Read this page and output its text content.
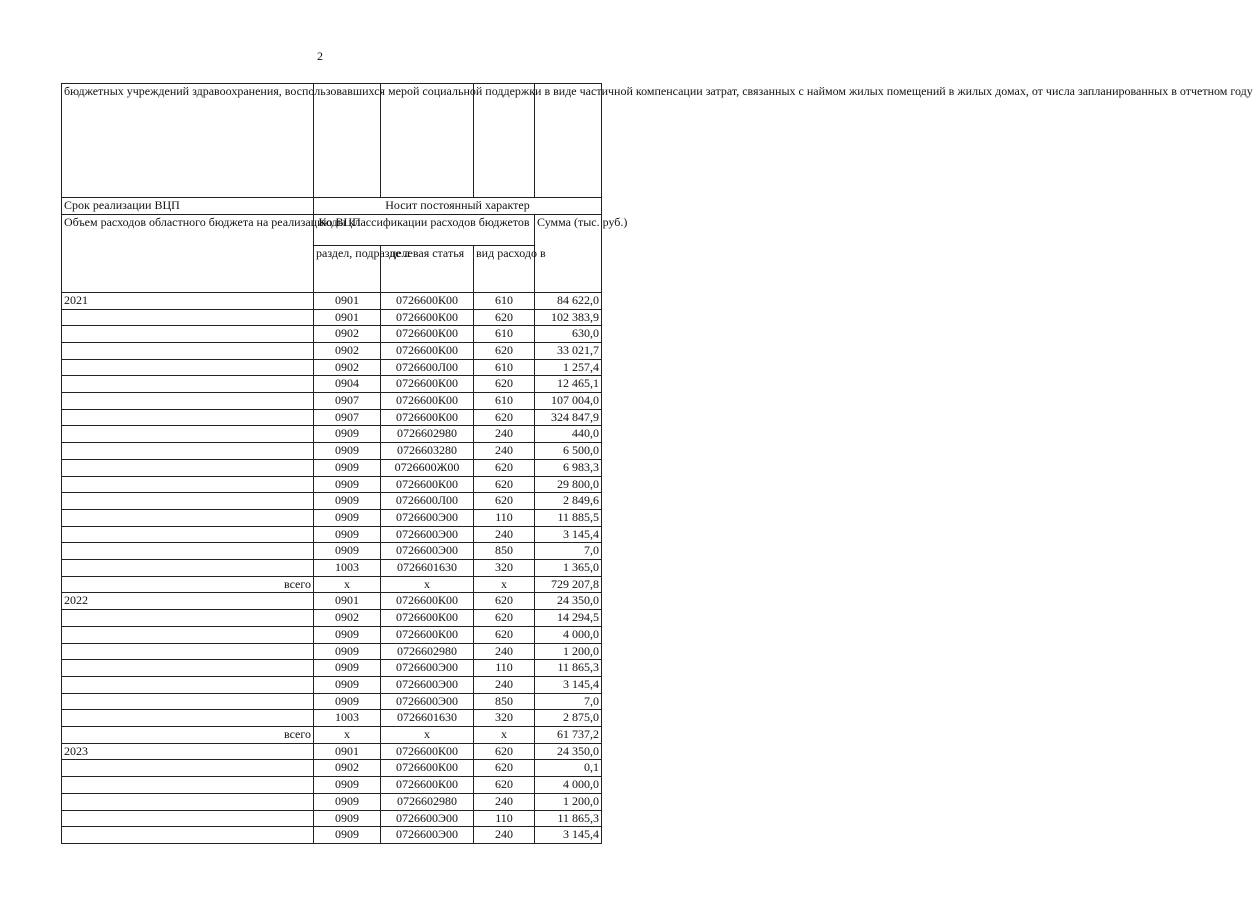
2
бюджетных учреждений здравоохранения, воспользовавшихся мерой социальной поддержки в виде частичной компенсации затрат, связанных с наймом жилых помещений в жилых домах, от числа запланированных в отчетном году				
Срок реализации ВЦП	Носит постоянный характер			
Объем расходов областного бюджета на реализацию ВЦП	Коды классификации расходов бюджетов			Сумма (тыс. руб.)
	раздел, подразде л	целевая статья	вид расходо в	
2021	0901	0726600К00	610	84 622,0
	0901	0726600К00	620	102 383,9
	0902	0726600К00	610	630,0
	0902	0726600К00	620	33 021,7
	0902	0726600Л00	610	1 257,4
	0904	0726600К00	620	12 465,1
	0907	0726600К00	610	107 004,0
	0907	0726600К00	620	324 847,9
	0909	0726602980	240	440,0
	0909	0726603280	240	6 500,0
	0909	0726600Ж00	620	6 983,3
	0909	0726600К00	620	29 800,0
	0909	0726600Л00	620	2 849,6
	0909	0726600Э00	110	11 885,5
	0909	0726600Э00	240	3 145,4
	0909	0726600Э00	850	7,0
	1003	0726601630	320	1 365,0
всего	х	х	х	729 207,8
2022	0901	0726600К00	620	24 350,0
	0902	0726600К00	620	14 294,5
	0909	0726600К00	620	4 000,0
	0909	0726602980	240	1 200,0
	0909	0726600Э00	110	11 865,3
	0909	0726600Э00	240	3 145,4
	0909	0726600Э00	850	7,0
	1003	0726601630	320	2 875,0
всего	х	х	х	61 737,2
2023	0901	0726600К00	620	24 350,0
	0902	0726600К00	620	0,1
	0909	0726600К00	620	4 000,0
	0909	0726602980	240	1 200,0
	0909	0726600Э00	110	11 865,3
	0909	0726600Э00	240	3 145,4
